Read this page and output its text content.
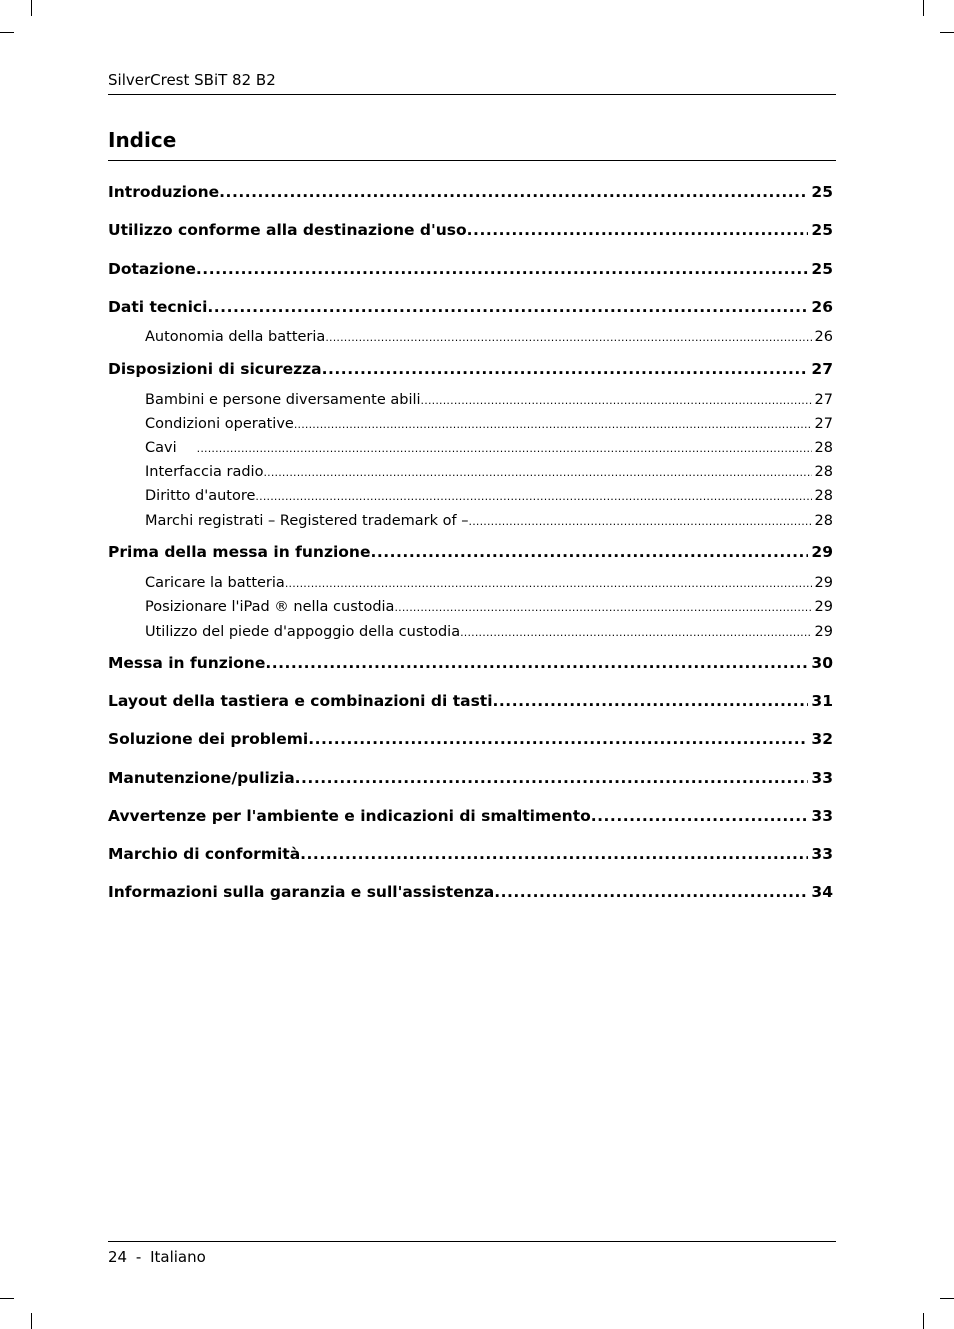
SilverCrest SBiT 82 B2
Indice
Introduzione .....	25
Utilizzo conforme alla destinazione d'uso .....	25
Dotazione .....	25
Dati tecnici .....	26
Autonomia della batteria .....	26
Disposizioni di sicurezza .....	27
Bambini e persone diversamente abili .....	27
Condizioni operative .....	27
Cavi .....	28
Interfaccia radio .....	28
Diritto d'autore .....	28
Marchi registrati – Registered trademark of – .....	28
Prima della messa in funzione .....	29
Caricare la batteria .....	29
Posizionare l'iPad ® nella custodia .....	29
Utilizzo del piede d'appoggio della custodia .....	29
Messa in funzione .....	30
Layout della tastiera e combinazioni di tasti .....	31
Soluzione dei problemi .....	32
Manutenzione/pulizia .....	33
Avvertenze per l'ambiente e indicazioni di smaltimento .....	33
Marchio di conformità .....	33
Informazioni sulla garanzia e sull'assistenza .....	34
24 - Italiano
